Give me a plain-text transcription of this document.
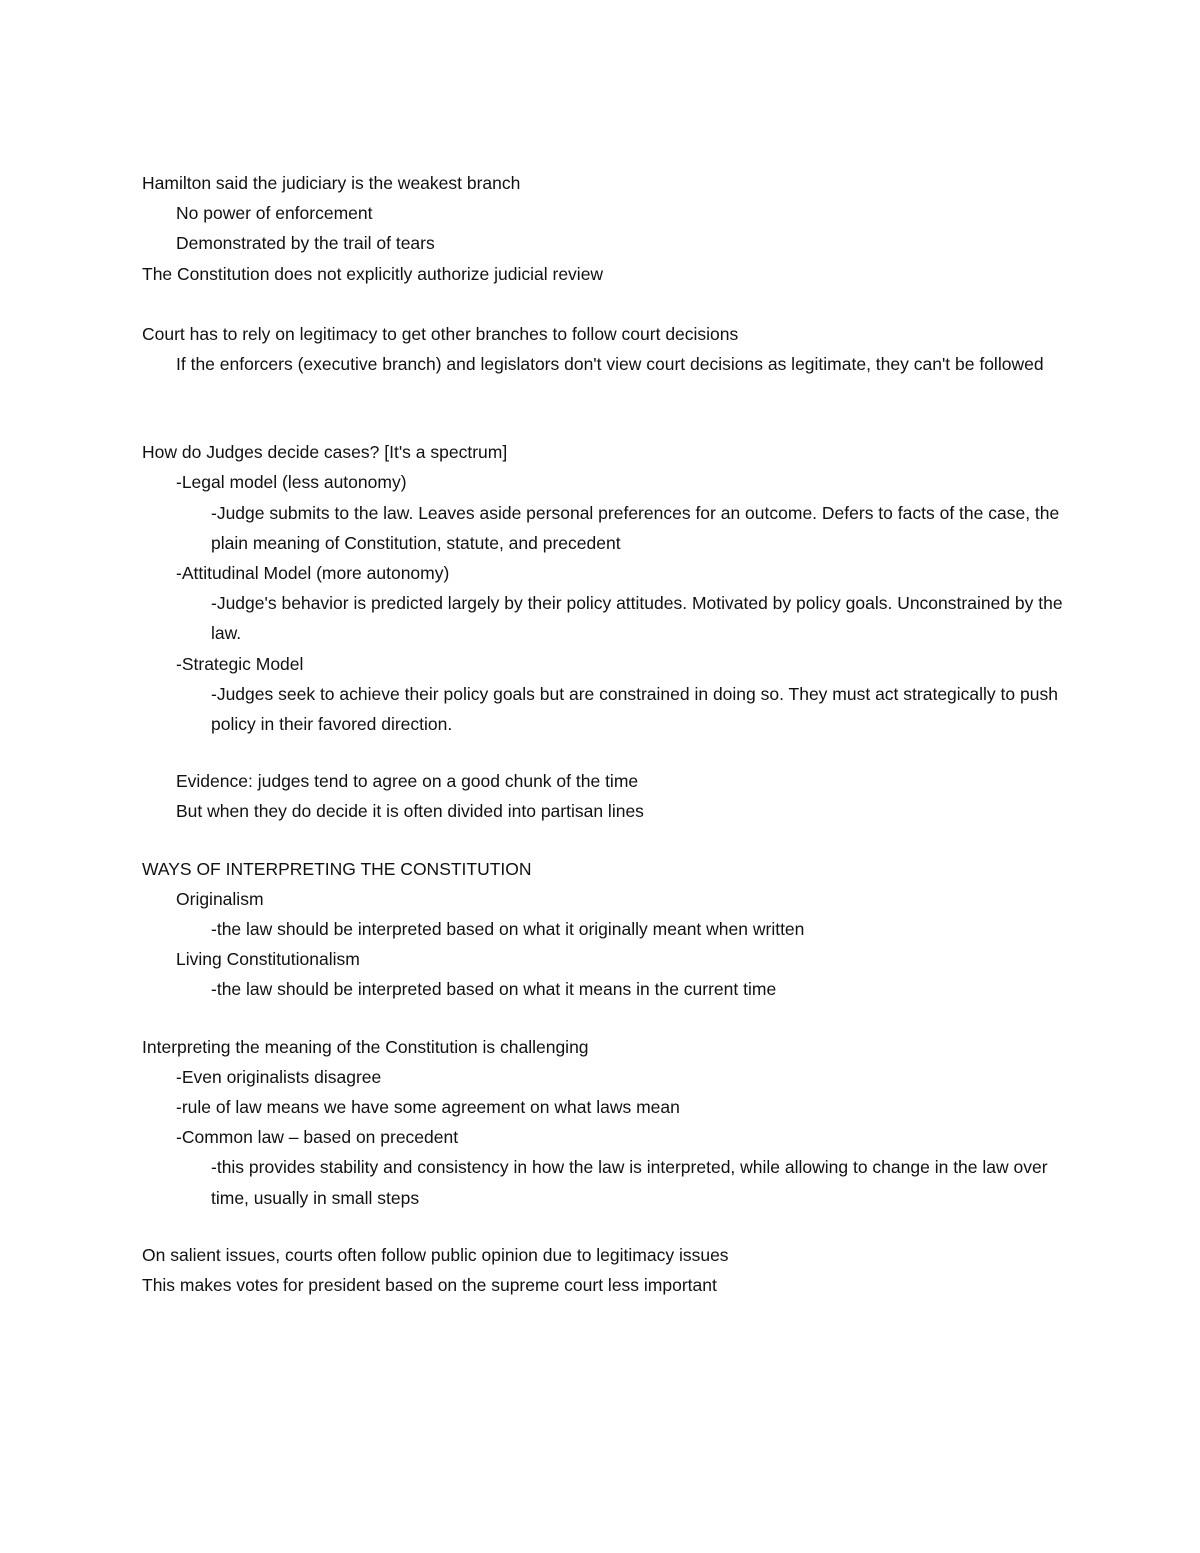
Hamilton said the judiciary is the weakest branch

No power of enforcement

Demonstrated by the trail of tears

The Constitution does not explicitly authorize judicial review

Court has to rely on legitimacy to get other branches to follow court decisions

If the enforcers (executive branch) and legislators don't view court decisions as legitimate, they can't be followed

How do Judges decide cases? [It's a spectrum]

-Legal model (less autonomy)

-Judge submits to the law. Leaves aside personal preferences for an outcome. Defers to facts of the case, the plain meaning of Constitution, statute, and precedent

-Attitudinal Model (more autonomy)

-Judge's behavior is predicted largely by their policy attitudes. Motivated by policy goals. Unconstrained by the law.

-Strategic Model

-Judges seek to achieve their policy goals but are constrained in doing so. They must act strategically to push policy in their favored direction.

Evidence: judges tend to agree on a good chunk of the time

But when they do decide it is often divided into partisan lines

WAYS OF INTERPRETING THE CONSTITUTION

Originalism

-the law should be interpreted based on what it originally meant when written

Living Constitutionalism

-the law should be interpreted based on what it means in the current time

Interpreting the meaning of the Constitution is challenging

-Even originalists disagree

-rule of law means we have some agreement on what laws mean

-Common law – based on precedent

-this provides stability and consistency in how the law is interpreted, while allowing to change in the law over time, usually in small steps

On salient issues, courts often follow public opinion due to legitimacy issues

This makes votes for president based on the supreme court less important
